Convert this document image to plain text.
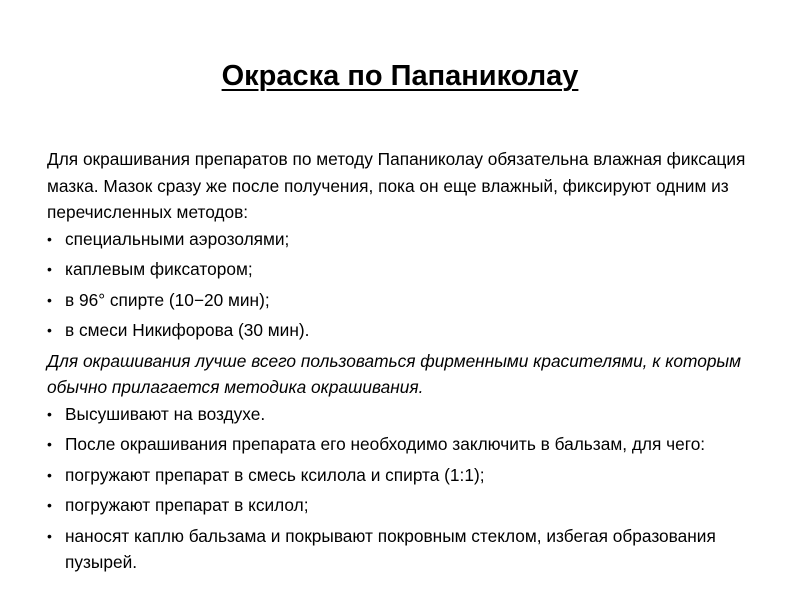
Окраска по Папаниколау

Для окрашивания препаратов по методу Папаниколау обязательна влажная фиксация мазка. Мазок сразу же после получения, пока он еще влажный, фиксируют одним из перечисленных методов:

• специальными аэрозолями;
• каплевым фиксатором;
• в 96° спирте (10−20 мин);
• в смеси Никифорова (30 мин).

Для окрашивания лучше всего пользоваться фирменными красителями, к которым обычно прилагается методика окрашивания.

• Высушивают на воздухе.
• После окрашивания препарата его необходимо заключить в бальзам, для чего:
• погружают препарат в смесь ксилола и спирта (1:1);
• погружают препарат в ксилол;
• наносят каплю бальзама и покрывают покровным стеклом, избегая образования пузырей.
